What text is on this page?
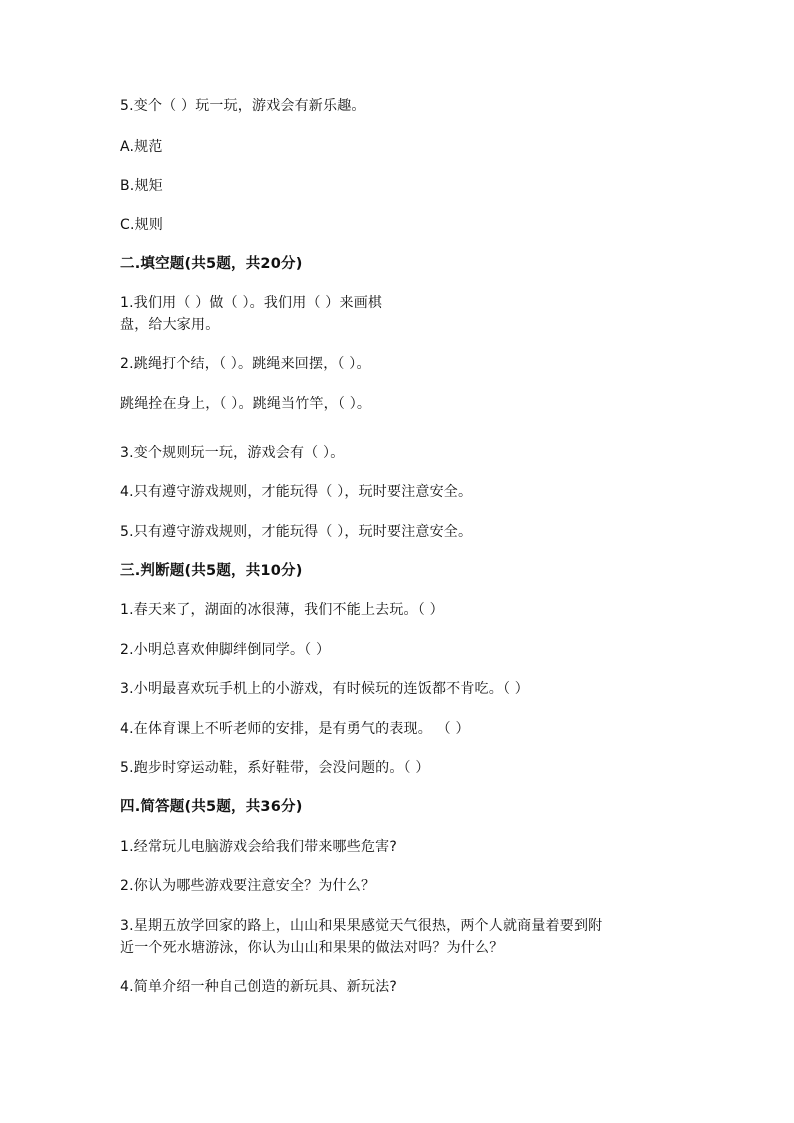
5.变个（ ）玩一玩，游戏会有新乐趣。
A.规范
B.规矩
C.规则
二.填空题(共5题，共20分)
1.我们用（ ）做（ ）。我们用（ ）来画棋
盘，给大家用。
2.跳绳打个结，（ ）。跳绳来回摆，（ ）。
跳绳拴在身上，（ ）。跳绳当竹竿，（ ）。
3.变个规则玩一玩，游戏会有（ ）。
4.只有遵守游戏规则，才能玩得（ ），玩时要注意安全。
5.只有遵守游戏规则，才能玩得（ ），玩时要注意安全。
三.判断题(共5题，共10分)
1.春天来了，湖面的冰很薄，我们不能上去玩。（ ）
2.小明总喜欢伸脚绊倒同学。（ ）
3.小明最喜欢玩手机上的小游戏，有时候玩的连饭都不肯吃。（ ）
4.在体育课上不听老师的安排，是有勇气的表现。 （ ）
5.跑步时穿运动鞋，系好鞋带，会没问题的。（ ）
四.简答题(共5题，共36分)
1.经常玩儿电脑游戏会给我们带来哪些危害?
2.你认为哪些游戏要注意安全？为什么？
3.星期五放学回家的路上，山山和果果感觉天气很热，两个人就商量着要到附
近一个死水塘游泳，你认为山山和果果的做法对吗？为什么？
4.简单介绍一种自己创造的新玩具、新玩法?
